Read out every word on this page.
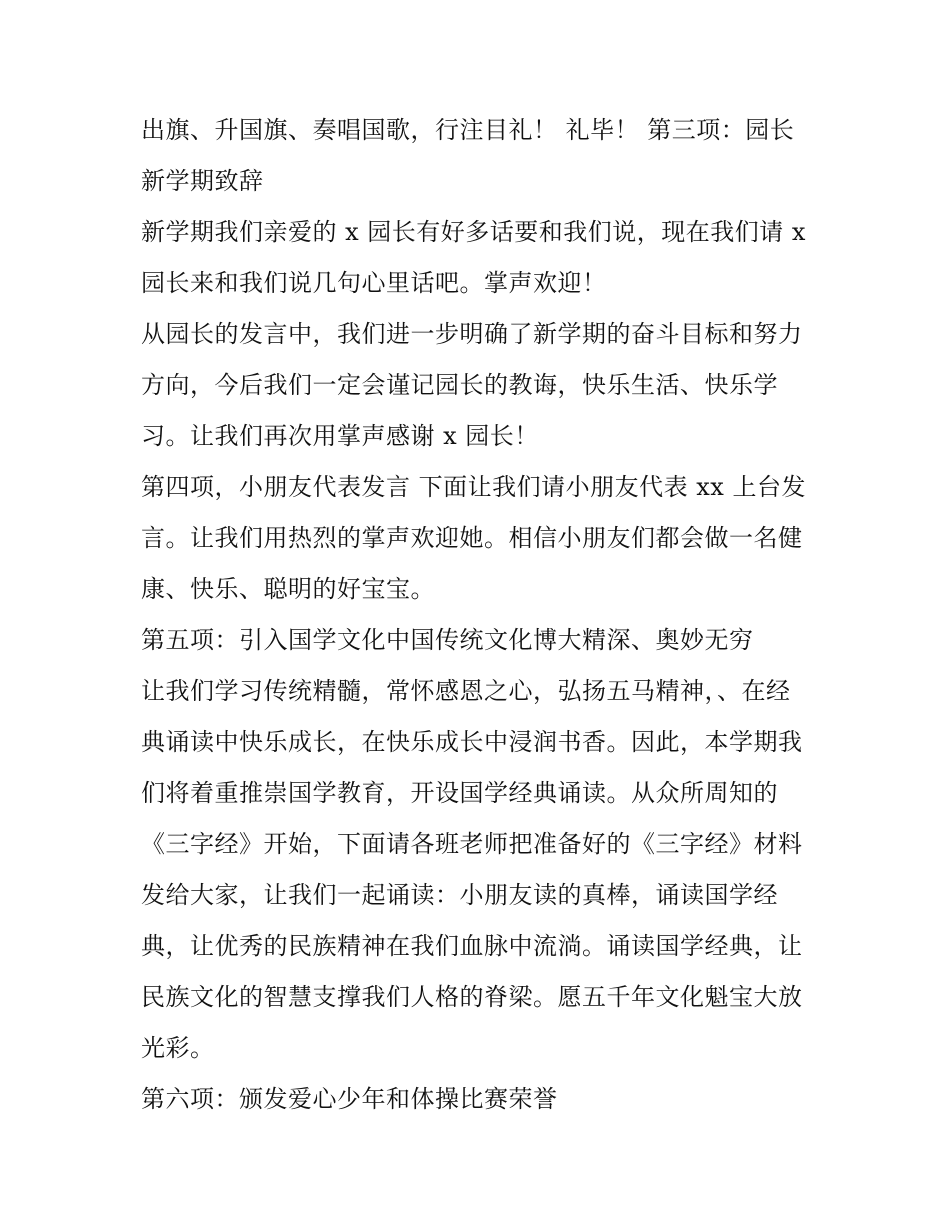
出旗、升国旗、奏唱国歌，行注目礼！ 礼毕！ 第三项：园长
新学期致辞
新学期我们亲爱的 x 园长有好多话要和我们说，现在我们请 x
园长来和我们说几句心里话吧。掌声欢迎！
从园长的发言中，我们进一步明确了新学期的奋斗目标和努力
方向，今后我们一定会谨记园长的教诲，快乐生活、快乐学
习。让我们再次用掌声感谢 x 园长！
第四项，小朋友代表发言 下面让我们请小朋友代表 xx 上台发
言。让我们用热烈的掌声欢迎她。相信小朋友们都会做一名健
康、快乐、聪明的好宝宝。
第五项：引入国学文化中国传统文化博大精深、奥妙无穷
让我们学习传统精髓，常怀感恩之心，弘扬五马精神，、在经
典诵读中快乐成长，在快乐成长中浸润书香。因此，本学期我
们将着重推崇国学教育，开设国学经典诵读。从众所周知的
《三字经》开始，下面请各班老师把准备好的《三字经》材料
发给大家，让我们一起诵读：小朋友读的真棒，诵读国学经
典，让优秀的民族精神在我们血脉中流淌。诵读国学经典，让
民族文化的智慧支撑我们人格的脊梁。愿五千年文化魁宝大放
光彩。
第六项：颁发爱心少年和体操比赛荣誉
